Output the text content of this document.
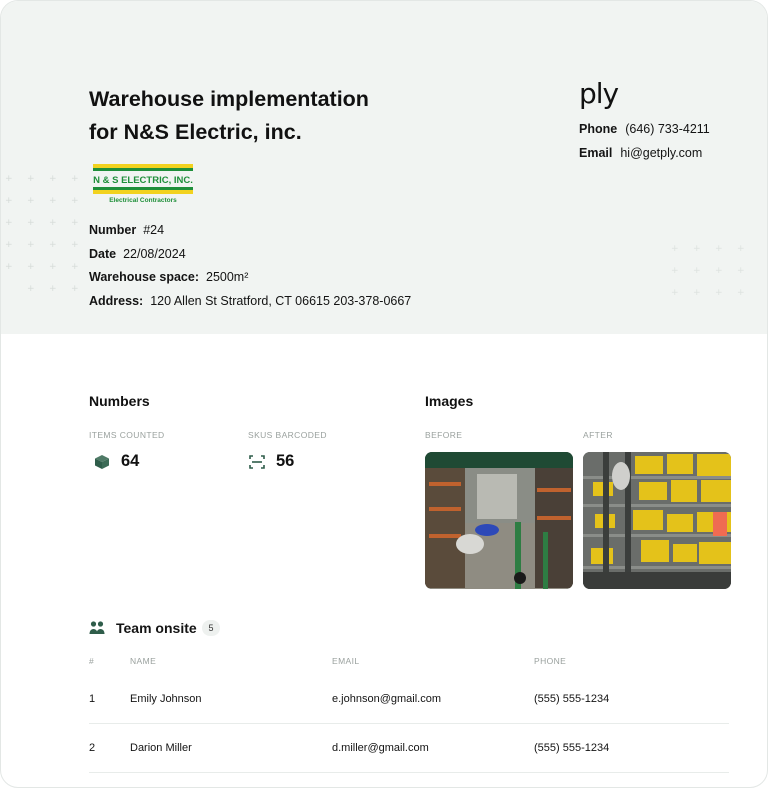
+ + + +
+ + + +
+ + + +
+ + + +
+ + + +
+ + +
+ + + +
+ + + +
+ + + +
Warehouse implementation
for N&S Electric, inc.
N & S ELECTRIC, INC.
Electrical Contractors
Number #24
Date 22/08/2024
Warehouse space: 2500m²
Address: 120 Allen St Stratford, CT 06615 203-378-0667
ply
Phone (646) 733-4211
Email hi@getply.com
Numbers
ITEMS COUNTED	SKUS BARCODED
64	56
Images
BEFORE	AFTER
Team onsite	5
#	NAME	EMAIL	PHONE
1	Emily Johnson	e.johnson@gmail.com	(555) 555-1234
2	Darion Miller	d.miller@gmail.com	(555) 555-1234
